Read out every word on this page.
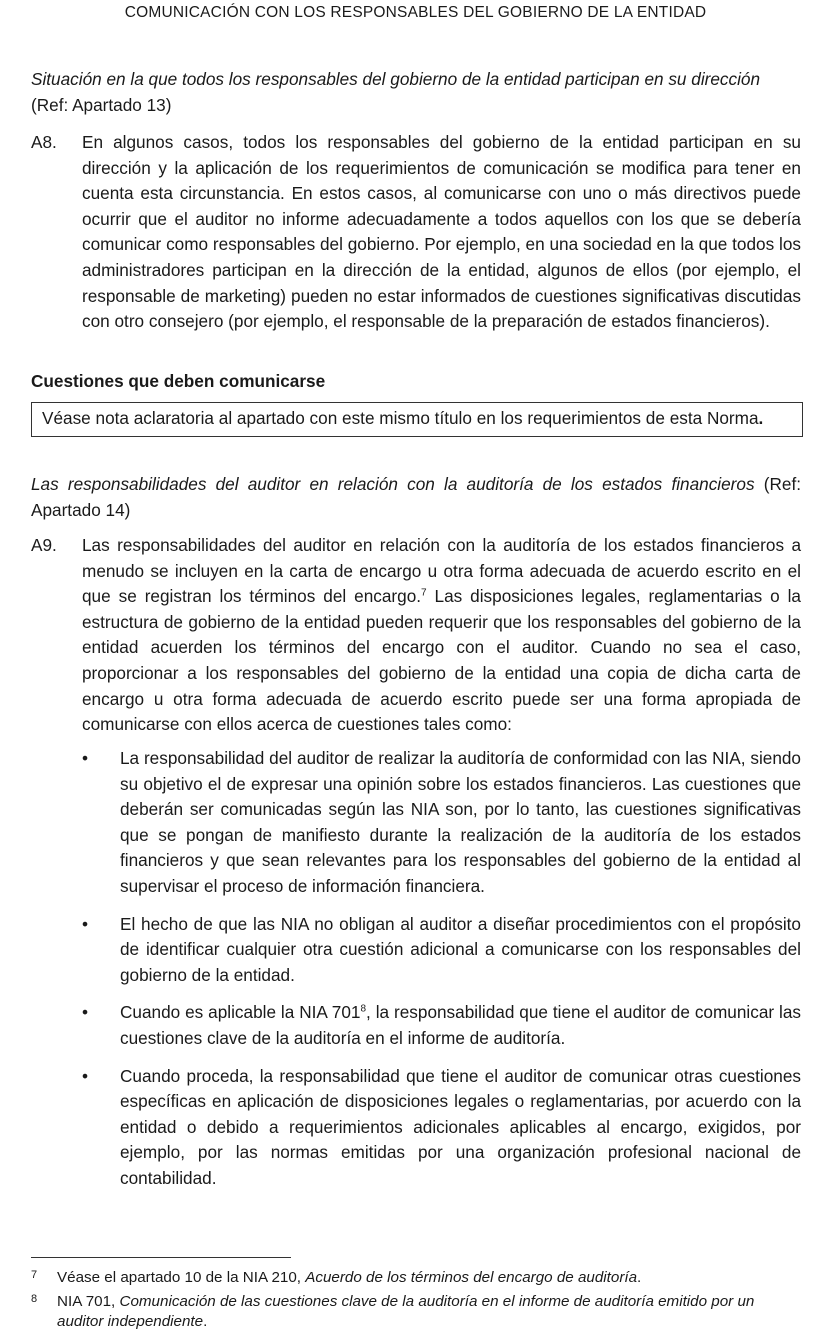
COMUNICACIÓN CON LOS RESPONSABLES DEL GOBIERNO DE LA ENTIDAD
Situación en la que todos los responsables del gobierno de la entidad participan en su dirección
(Ref: Apartado 13)
A8.	En algunos casos, todos los responsables del gobierno de la entidad participan en su dirección y la aplicación de los requerimientos de comunicación se modifica para tener en cuenta esta circunstancia. En estos casos, al comunicarse con uno o más directivos puede ocurrir que el auditor no informe adecuadamente a todos aquellos con los que se debería comunicar como responsables del gobierno. Por ejemplo, en una sociedad en la que todos los administradores participan en la dirección de la entidad, algunos de ellos (por ejemplo, el responsable de marketing) pueden no estar informados de cuestiones significativas discutidas con otro consejero (por ejemplo, el responsable de la preparación de estados financieros).
Cuestiones que deben comunicarse
Véase nota aclaratoria al apartado con este mismo título en los requerimientos de esta Norma.
Las responsabilidades del auditor en relación con la auditoría de los estados financieros (Ref: Apartado 14)
A9.	Las responsabilidades del auditor en relación con la auditoría de los estados financieros a menudo se incluyen en la carta de encargo u otra forma adecuada de acuerdo escrito en el que se registran los términos del encargo.$^7$ Las disposiciones legales, reglamentarias o la estructura de gobierno de la entidad pueden requerir que los responsables del gobierno de la entidad acuerden los términos del encargo con el auditor. Cuando no sea el caso, proporcionar a los responsables del gobierno de la entidad una copia de dicha carta de encargo u otra forma adecuada de acuerdo escrito puede ser una forma apropiada de comunicarse con ellos acerca de cuestiones tales como:
•	La responsabilidad del auditor de realizar la auditoría de conformidad con las NIA, siendo su objetivo el de expresar una opinión sobre los estados financieros. Las cuestiones que deberán ser comunicadas según las NIA son, por lo tanto, las cuestiones significativas que se pongan de manifiesto durante la realización de la auditoría de los estados financieros y que sean relevantes para los responsables del gobierno de la entidad al supervisar el proceso de información financiera.
•	El hecho de que las NIA no obligan al auditor a diseñar procedimientos con el propósito de identificar cualquier otra cuestión adicional a comunicarse con los responsables del gobierno de la entidad.
•	Cuando es aplicable la NIA $701^8$, la responsabilidad que tiene el auditor de comunicar las cuestiones clave de la auditoría en el informe de auditoría.
•	Cuando proceda, la responsabilidad que tiene el auditor de comunicar otras cuestiones específicas en aplicación de disposiciones legales o reglamentarias, por acuerdo con la entidad o debido a requerimientos adicionales aplicables al encargo, exigidos, por ejemplo, por las normas emitidas por una organización profesional nacional de contabilidad.
7 Véase el apartado 10 de la NIA 210, Acuerdo de los términos del encargo de auditoría.
8 NIA 701, Comunicación de las cuestiones clave de la auditoría en el informe de auditoría emitido por un auditor independiente.
